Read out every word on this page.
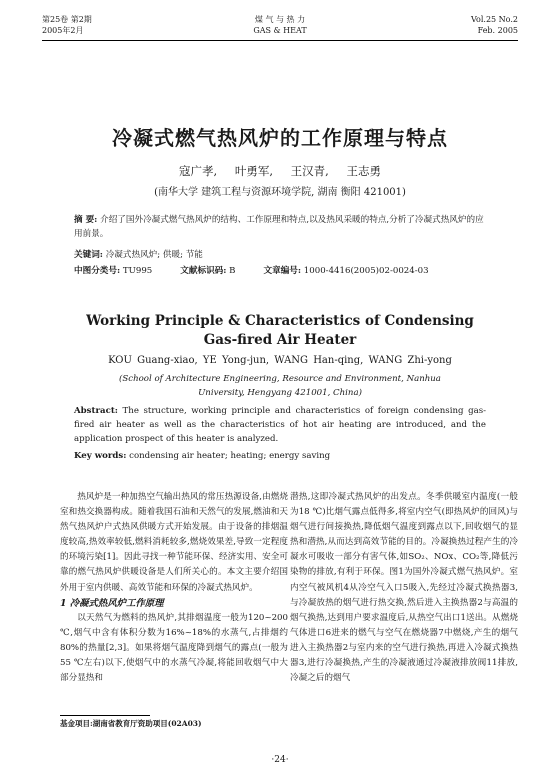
第25卷 第2期
2005年2月
煤 气 与 热 力
GAS & HEAT
Vol.25 No.2
Feb. 2005
冷凝式燃气热风炉的工作原理与特点
寇广孝, 叶勇军, 王汉青, 王志勇
(南华大学 建筑工程与资源环境学院, 湖南 衡阳 421001)
摘 要: 介绍了国外冷凝式燃气热风炉的结构、工作原理和特点,以及热风采暖的特点,分析了冷凝式热风炉的应用前景。
关键词: 冷凝式热风炉; 供暖; 节能
中图分类号: TU995	文献标识码: B	文章编号: 1000-4416(2005)02-0024-03
Working Principle & Characteristics of Condensing Gas-fired Air Heater
KOU Guang-xiao, YE Yong-jun, WANG Han-qing, WANG Zhi-yong
(School of Architecture Engineering, Resource and Environment, Nanhua University, Hengyang 421001, China)
Abstract: The structure, working principle and characteristics of foreign condensing gas-fired air heater as well as the characteristics of hot air heating are introduced, and the application prospect of this heater is analyzed.
Key words: condensing air heater; heating; energy saving

热风炉是一种加热空气输出热风的常压热源设备,由燃烧室和热交换器构成。随着我国石油和天然气的发展,燃油和天然气热风炉户式热风供暖方式开始发展。由于设备的排烟温度较高,热效率较低,燃料消耗较多,燃烧效果差,导致一定程度的环境污染[1]。因此寻找一种节能环保、经济实用、安全可靠的燃气热风炉供暖设备是人们所关心的。本文主要介绍国外用于室内供暖、高效节能和环保的冷凝式热风炉。

1 冷凝式热风炉工作原理

以天然气为燃料的热风炉,其排烟温度一般为120~200 ℃,烟气中含有体积分数为16%~18%的水蒸气,占排烟约80%的热量[2,3]。如果将烟气温度降到烟气的露点(一般为55 ℃左右)以下,使烟气中的水蒸气冷凝,将能回收烟气中大部分显热和

潜热,这即冷凝式热风炉的出发点。冬季供暖室内温度(一般为18 ℃)比烟气露点低得多,将室内空气(即热风炉的回风)与烟气进行间接换热,降低烟气温度到露点以下,回收烟气的显热和潜热,从而达到高效节能的目的。冷凝换热过程产生的冷凝水可吸收一部分有害气体,如SO₂、NOx、CO₂等,降低污染物的排放,有利于环保。图1为国外冷凝式燃气热风炉。室内空气被风机4从冷空气入口5吸入,先经过冷凝式换热器3,与冷凝放热的烟气进行热交换,然后进入主换热器2与高温的烟气换热,达到用户要求温度后,从热空气出口1送出。从燃烧气体进口6进来的燃气与空气在燃烧器7中燃烧,产生的烟气进入主换热器2与室内来的空气进行换热,再进入冷凝式换热器3,进行冷凝换热,产生的冷凝液通过冷凝液排放阀11排放,冷凝之后的烟气

基金项目:湖南省教育厅资助项目(02A03)
·24·
